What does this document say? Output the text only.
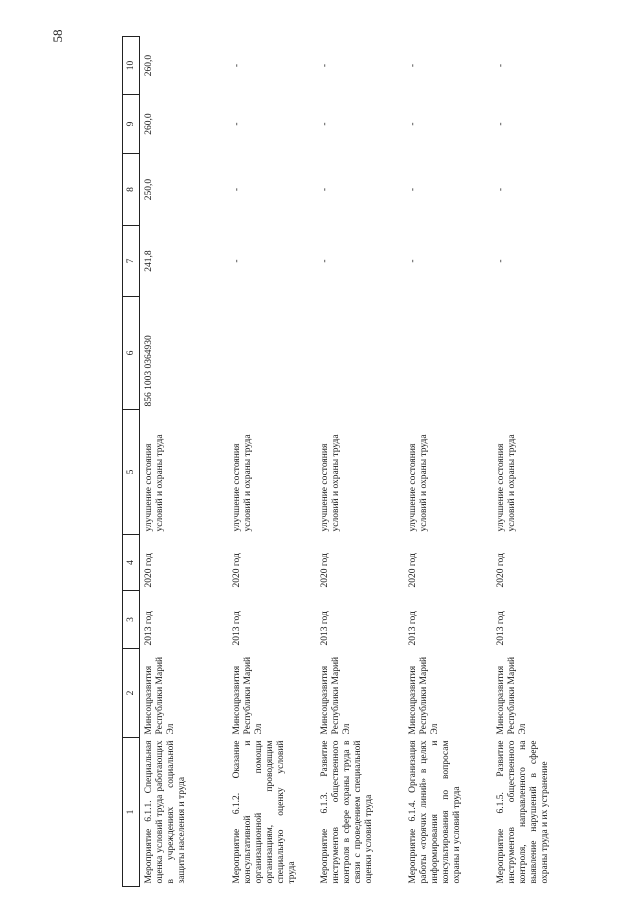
58
1	2	3	4	5	6	7	8	9	10
Мероприятие 6.1.1. Специальная оценка условий труда работающих в учреждениях социальной защиты населения и труда	Минсоцразвития Республики Марий Эл	2013 год	2020 год	улучшение состояния условий и охраны труда	856 1003 0364930	241,8	250,0	260,0	260,0
Мероприятие 6.1.2. Оказание консультативной и организационной помощи организациям, проводящим специальную оценку условий труда	Минсоцразвития Республики Марий Эл	2013 год	2020 год	улучшение состояния условий и охраны труда		-	-	-	-
Мероприятие 6.1.3. Развитие инструментов общественного контроля в сфере охраны труда в связи с проведением специальной оценки условий труда	Минсоцразвития Республики Марий Эл	2013 год	2020 год	улучшение состояния условий и охраны труда		-	-	-	-
Мероприятие 6.1.4. Организация работы «горячих линий» в целях информирования и консультирования по вопросам охраны и условий труда	Минсоцразвития Республики Марий Эл	2013 год	2020 год	улучшение состояния условий и охраны труда		-	-	-	-
Мероприятие 6.1.5. Развитие инструментов общественного контроля, направленного на выявление нарушений в сфере охраны труда и их устранение	Минсоцразвития Республики Марий Эл	2013 год	2020 год	улучшение состояния условий и охраны труда		-	-	-	-
